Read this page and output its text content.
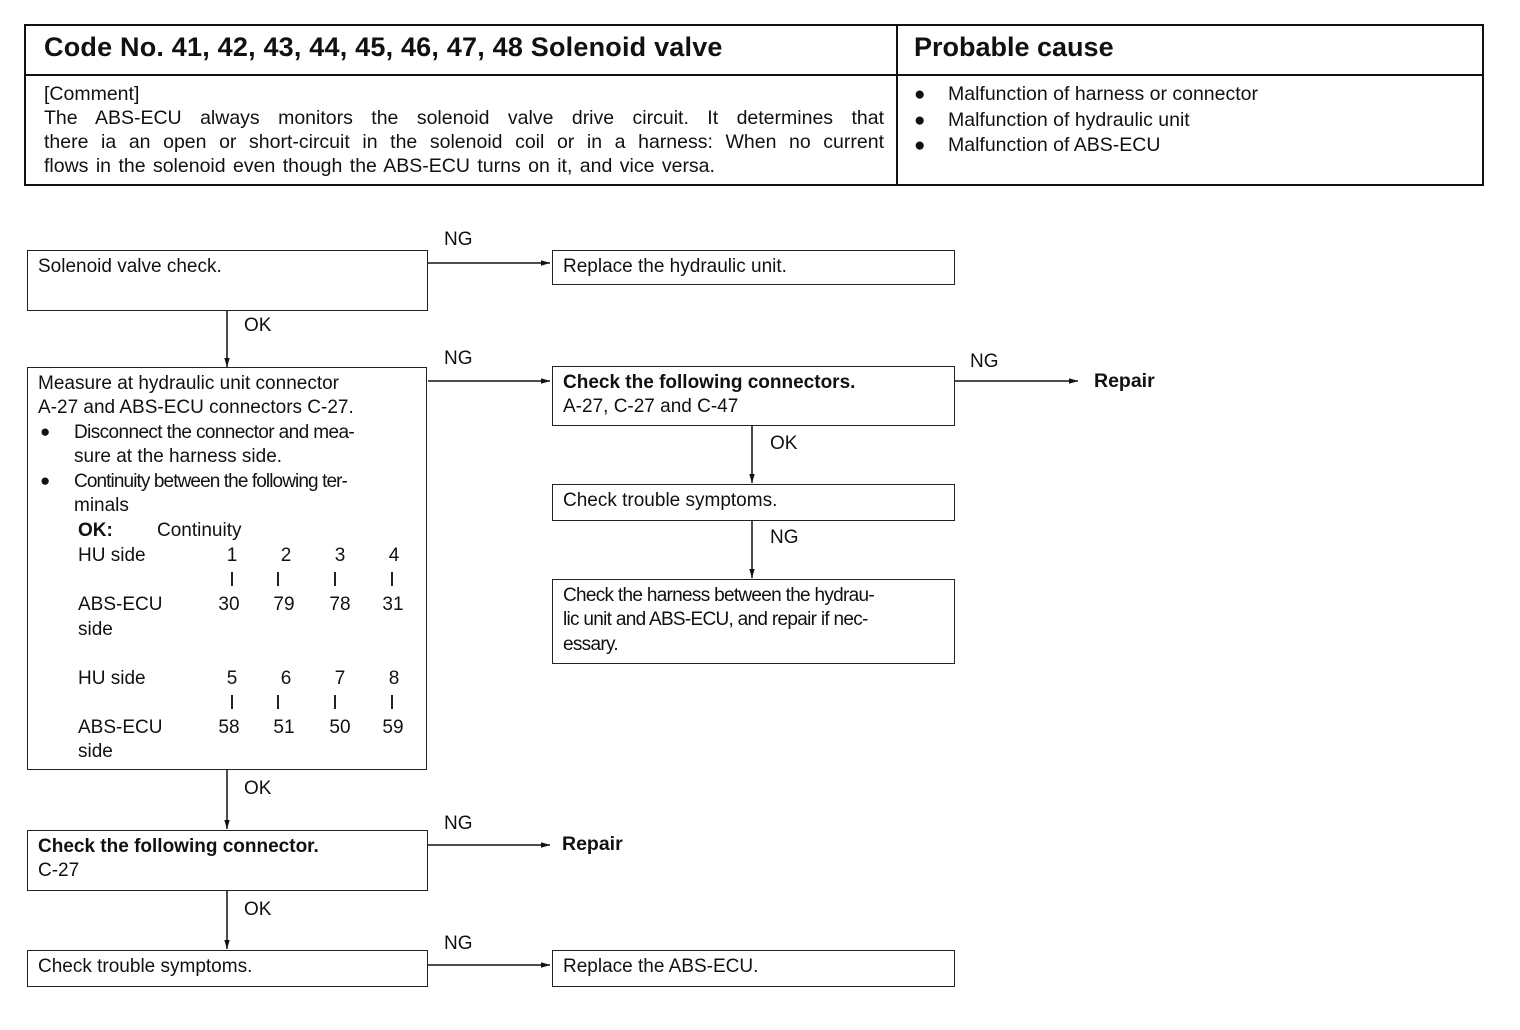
Code No. 41, 42, 43, 44, 45, 46, 47, 48 Solenoid valve	Probable cause
[Comment]
The ABS-ECU always monitors the solenoid valve drive circuit. It determines that
there ia an open or short-circuit in the solenoid coil or in a harness: When no current
flows in the solenoid even though the ABS-ECU turns on it, and vice versa.
● Malfunction of harness or connector
● Malfunction of hydraulic unit
● Malfunction of ABS-ECU
Solenoid valve check.	Replace the hydraulic unit.
Measure at hydraulic unit connector
A-27 and ABS-ECU connectors C-27.
● Disconnect the connector and mea-
sure at the harness side.
● Continuity between the following ter-
minals
OK: Continuity
HU side	1	2	3	4
ABS-ECU
side
30	79	78	31
HU side	5	6	7	8
ABS-ECU
side
58	51	50	59
Check the following connectors.
A-27, C-27 and C-47
Check trouble symptoms.
Check the harness between the hydrau-
lic unit and ABS-ECU, and repair if nec-
essary.
Check the following connector.
C-27
Check trouble symptoms.	Replace the ABS-ECU.
Repair
Repair
NG
OK
NG	NG
OK
NG
OK
NG
OK
NG
